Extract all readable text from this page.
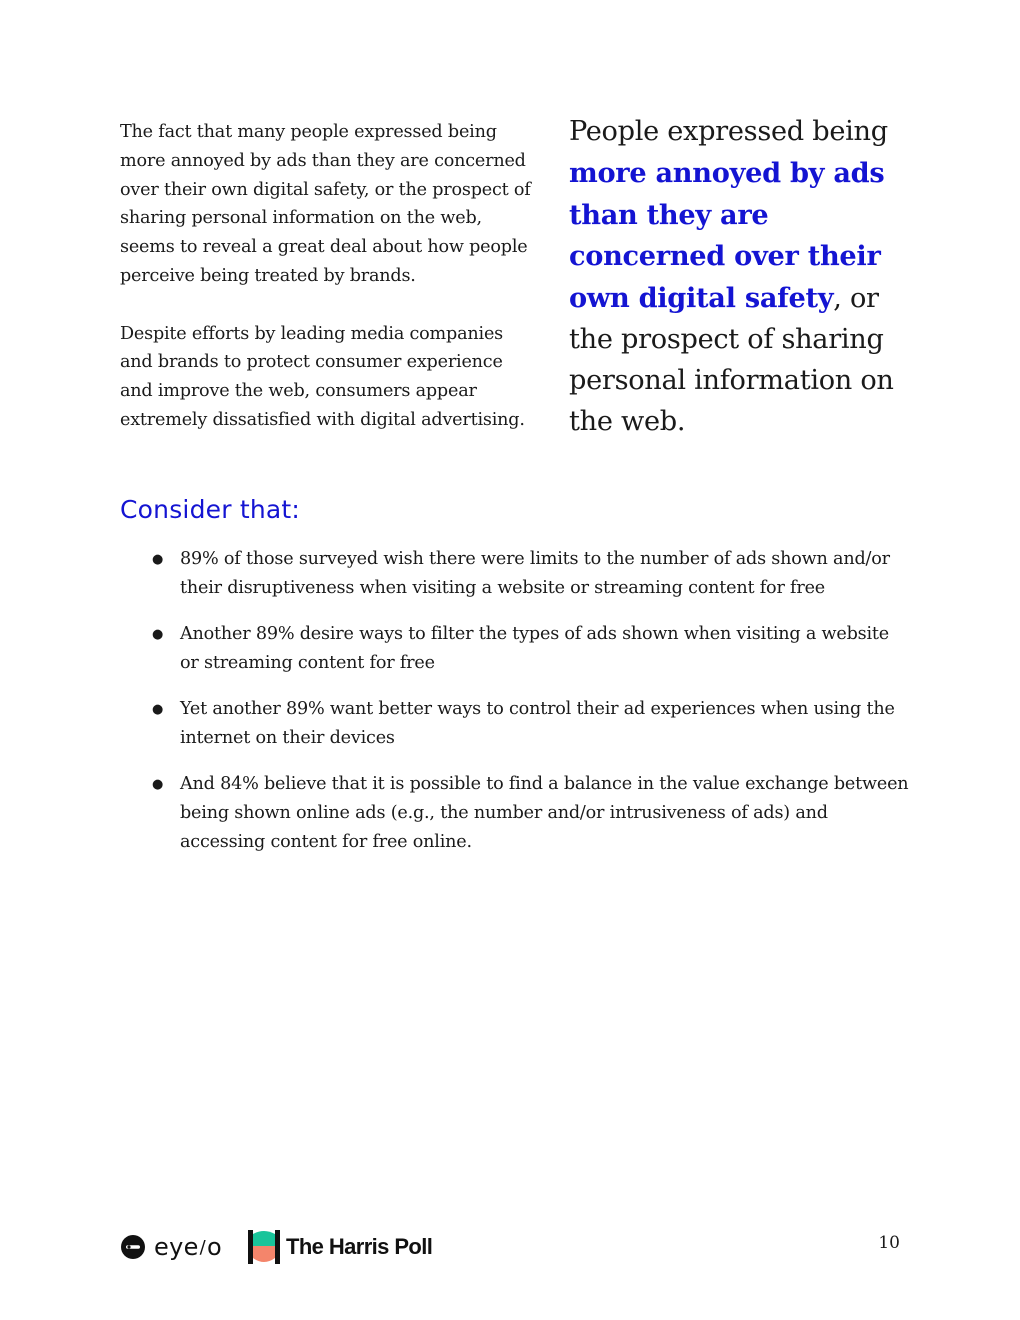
The fact that many people expressed being more annoyed by ads than they are concerned over their own digital safety, or the prospect of sharing personal information on the web, seems to reveal a great deal about how people perceive being treated by brands.

Despite efforts by leading media companies and brands to protect consumer experience and improve the web, consumers appear extremely dissatisfied with digital advertising.

People expressed being more annoyed by ads than they are concerned over their own digital safety, or the prospect of sharing personal information on the web.
Consider that:
● 89% of those surveyed wish there were limits to the number of ads shown and/or their disruptiveness when visiting a website or streaming content for free
● Another 89% desire ways to filter the types of ads shown when visiting a website or streaming content for free
● Yet another 89% want better ways to control their ad experiences when using the internet on their devices
● And 84% believe that it is possible to find a balance in the value exchange between being shown online ads (e.g., the number and/or intrusiveness of ads) and accessing content for free online.
eye / o	The Harris Poll	10
